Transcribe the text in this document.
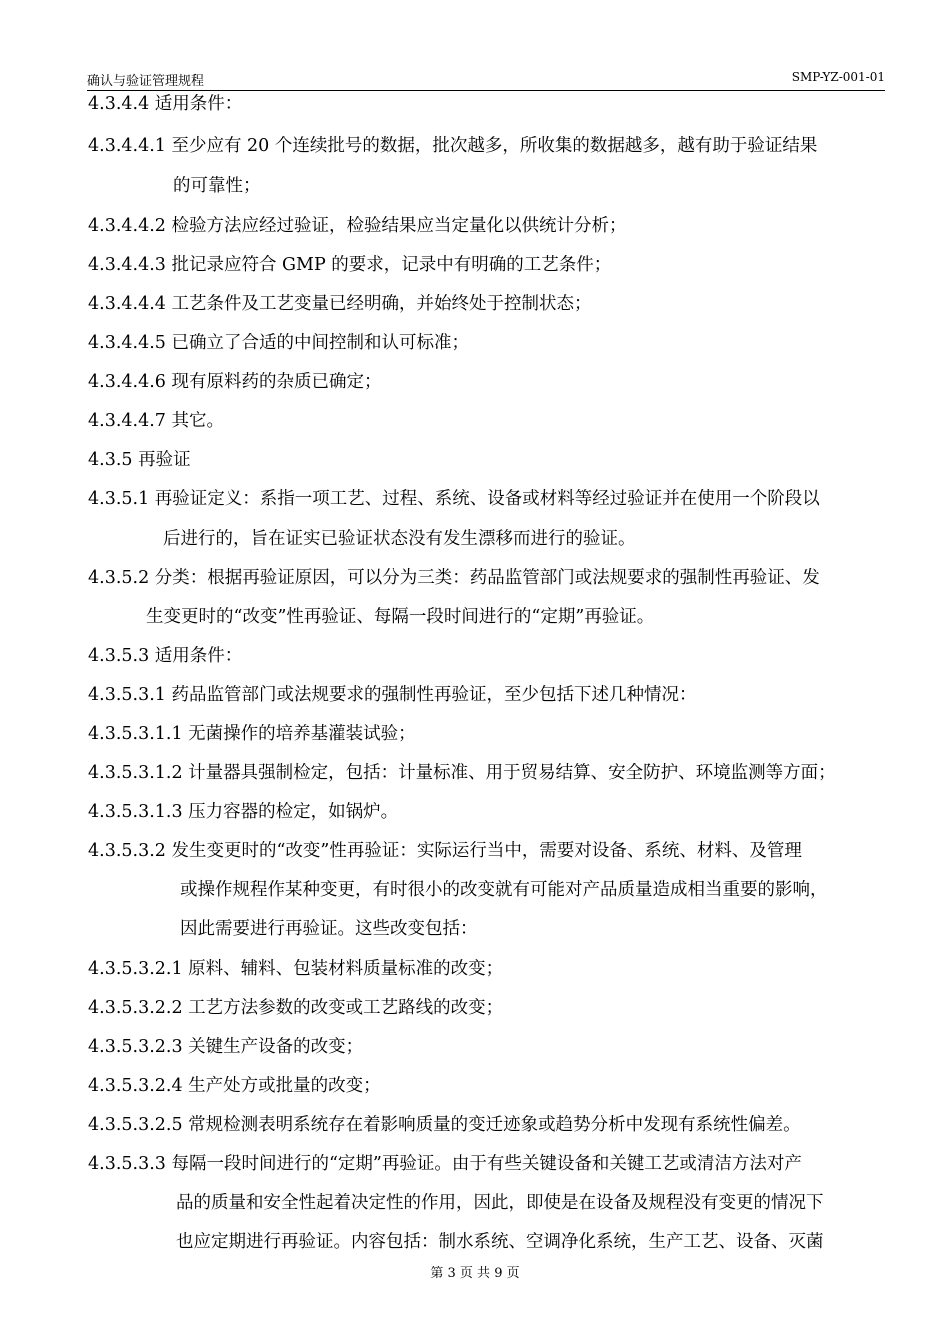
确认与验证管理规程	SMP-YZ-001-01
4.3.4.4 适用条件：
4.3.4.4.1 至少应有 20 个连续批号的数据，批次越多，所收集的数据越多，越有助于验证结果
的可靠性；
4.3.4.4.2 检验方法应经过验证，检验结果应当定量化以供统计分析；
4.3.4.4.3 批记录应符合 GMP 的要求，记录中有明确的工艺条件；
4.3.4.4.4 工艺条件及工艺变量已经明确，并始终处于控制状态；
4.3.4.4.5 已确立了合适的中间控制和认可标准；
4.3.4.4.6 现有原料药的杂质已确定；
4.3.4.4.7 其它。
4.3.5 再验证
4.3.5.1 再验证定义：系指一项工艺、过程、系统、设备或材料等经过验证并在使用一个阶段以
后进行的，旨在证实已验证状态没有发生漂移而进行的验证。
4.3.5.2 分类：根据再验证原因，可以分为三类：药品监管部门或法规要求的强制性再验证、发
生变更时的“改变”性再验证、每隔一段时间进行的“定期”再验证。
4.3.5.3 适用条件：
4.3.5.3.1 药品监管部门或法规要求的强制性再验证，至少包括下述几种情况：
4.3.5.3.1.1 无菌操作的培养基灌装试验；
4.3.5.3.1.2 计量器具强制检定，包括：计量标准、用于贸易结算、安全防护、环境监测等方面；
4.3.5.3.1.3 压力容器的检定，如锅炉。
4.3.5.3.2 发生变更时的“改变”性再验证：实际运行当中，需要对设备、系统、材料、及管理
或操作规程作某种变更，有时很小的改变就有可能对产品质量造成相当重要的影响，
因此需要进行再验证。这些改变包括：
4.3.5.3.2.1 原料、辅料、包装材料质量标准的改变；
4.3.5.3.2.2 工艺方法参数的改变或工艺路线的改变；
4.3.5.3.2.3 关键生产设备的改变；
4.3.5.3.2.4 生产处方或批量的改变；
4.3.5.3.2.5 常规检测表明系统存在着影响质量的变迁迹象或趋势分析中发现有系统性偏差。
4.3.5.3.3 每隔一段时间进行的“定期”再验证。由于有些关键设备和关键工艺或清洁方法对产
品的质量和安全性起着决定性的作用，因此，即使是在设备及规程没有变更的情况下
也应定期进行再验证。内容包括：制水系统、空调净化系统，生产工艺、设备、灭菌
第 3 页 共 9 页
